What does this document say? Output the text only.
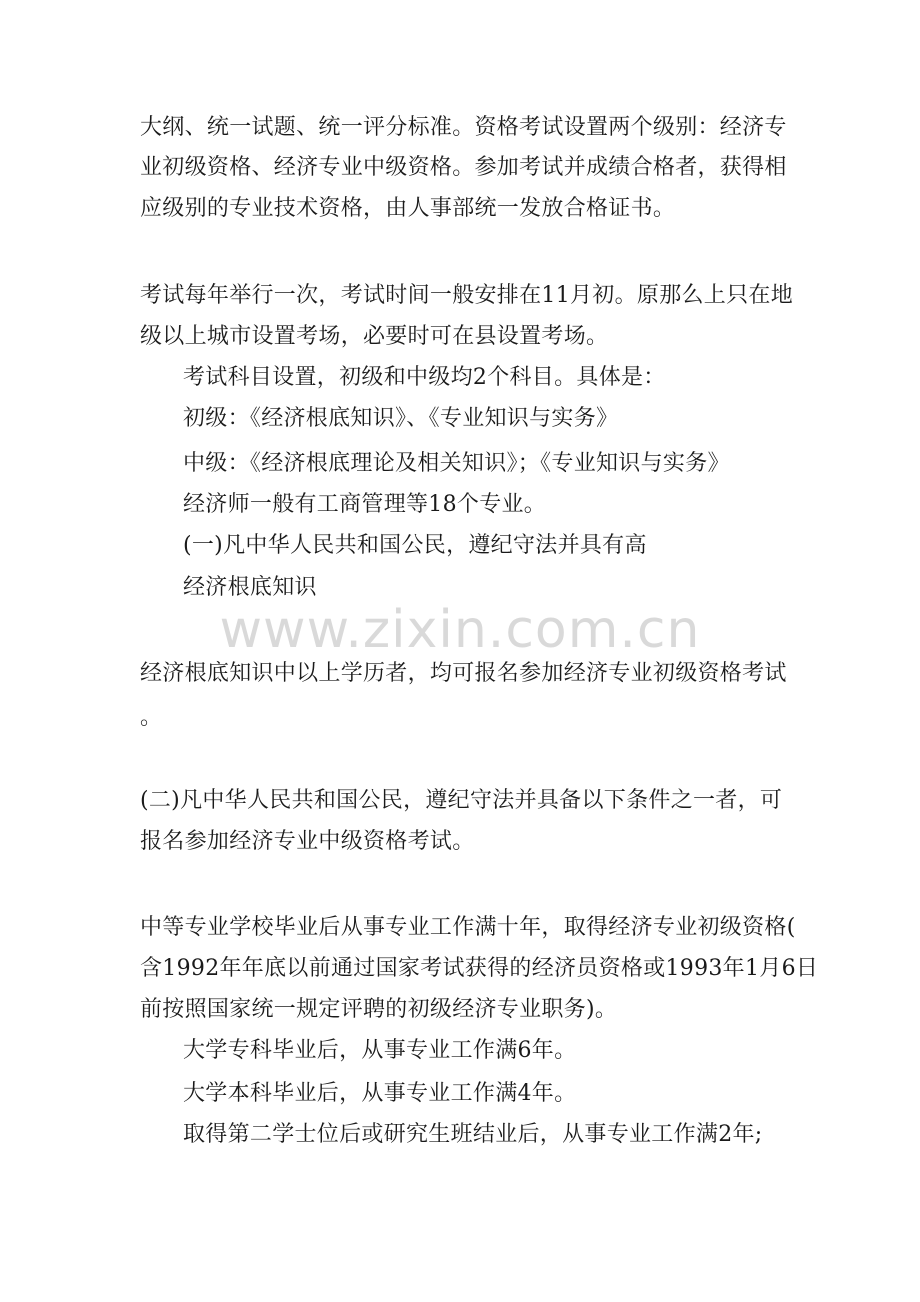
大纲、统一试题、统一评分标准。资格考试设置两个级别：经济专
业初级资格、经济专业中级资格。参加考试并成绩合格者，获得相
应级别的专业技术资格，由人事部统一发放合格证书。
考试每年举行一次，考试时间一般安排在11月初。原那么上只在地
级以上城市设置考场，必要时可在县设置考场。
考试科目设置，初级和中级均2个科目。具体是：
初级：《经济根底知识》、《专业知识与实务》
中级：《经济根底理论及相关知识》；《专业知识与实务》
经济师一般有工商管理等18个专业。
(一)凡中华人民共和国公民，遵纪守法并具有高
经济根底知识
www.zixin.com.cn
经济根底知识中以上学历者，均可报名参加经济专业初级资格考试
。
(二)凡中华人民共和国公民，遵纪守法并具备以下条件之一者，可
报名参加经济专业中级资格考试。
中等专业学校毕业后从事专业工作满十年，取得经济专业初级资格(
含1992年年底以前通过国家考试获得的经济员资格或1993年1月6日
前按照国家统一规定评聘的初级经济专业职务)。
大学专科毕业后，从事专业工作满6年。
大学本科毕业后，从事专业工作满4年。
取得第二学士位后或研究生班结业后，从事专业工作满2年;
